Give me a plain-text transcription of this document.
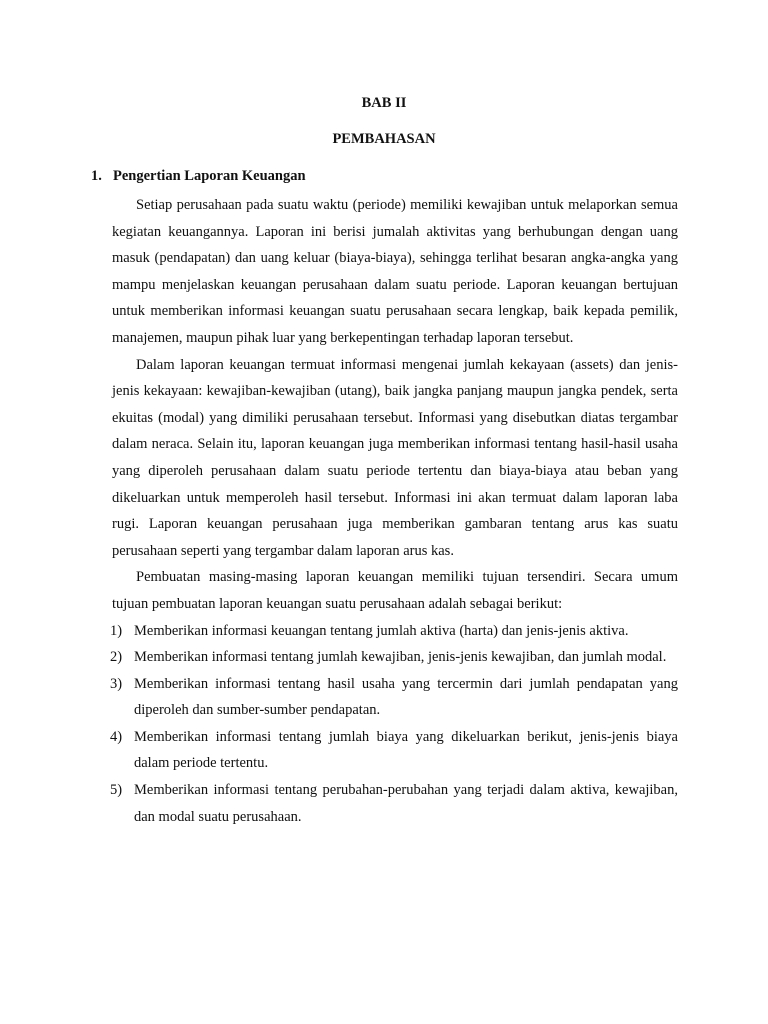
BAB II
PEMBAHASAN
1. Pengertian Laporan Keuangan

Setiap perusahaan pada suatu waktu (periode) memiliki kewajiban untuk melaporkan semua kegiatan keuangannya. Laporan ini berisi jumalah aktivitas yang berhubungan dengan uang masuk (pendapatan) dan uang keluar (biaya-biaya), sehingga terlihat besaran angka-angka yang mampu menjelaskan keuangan perusahaan dalam suatu periode. Laporan keuangan bertujuan untuk memberikan informasi keuangan suatu perusahaan secara lengkap, baik kepada pemilik, manajemen, maupun pihak luar yang berkepentingan terhadap laporan tersebut.

Dalam laporan keuangan termuat informasi mengenai jumlah kekayaan (assets) dan jenis-jenis kekayaan: kewajiban-kewajiban (utang), baik jangka panjang maupun jangka pendek, serta ekuitas (modal) yang dimiliki perusahaan tersebut. Informasi yang disebutkan diatas tergambar dalam neraca. Selain itu, laporan keuangan juga memberikan informasi tentang hasil-hasil usaha yang diperoleh perusahaan dalam suatu periode tertentu dan biaya-biaya atau beban yang dikeluarkan untuk memperoleh hasil tersebut. Informasi ini akan termuat dalam laporan laba rugi. Laporan keuangan perusahaan juga memberikan gambaran tentang arus kas suatu perusahaan seperti yang tergambar dalam laporan arus kas.

Pembuatan masing-masing laporan keuangan memiliki tujuan tersendiri. Secara umum tujuan pembuatan laporan keuangan suatu perusahaan adalah sebagai berikut:

1) Memberikan informasi keuangan tentang jumlah aktiva (harta) dan jenis-jenis aktiva.
2) Memberikan informasi tentang jumlah kewajiban, jenis-jenis kewajiban, dan jumlah modal.
3) Memberikan informasi tentang hasil usaha yang tercermin dari jumlah pendapatan yang diperoleh dan sumber-sumber pendapatan.
4) Memberikan informasi tentang jumlah biaya yang dikeluarkan berikut, jenis-jenis biaya dalam periode tertentu.
5) Memberikan informasi tentang perubahan-perubahan yang terjadi dalam aktiva, kewajiban, dan modal suatu perusahaan.
